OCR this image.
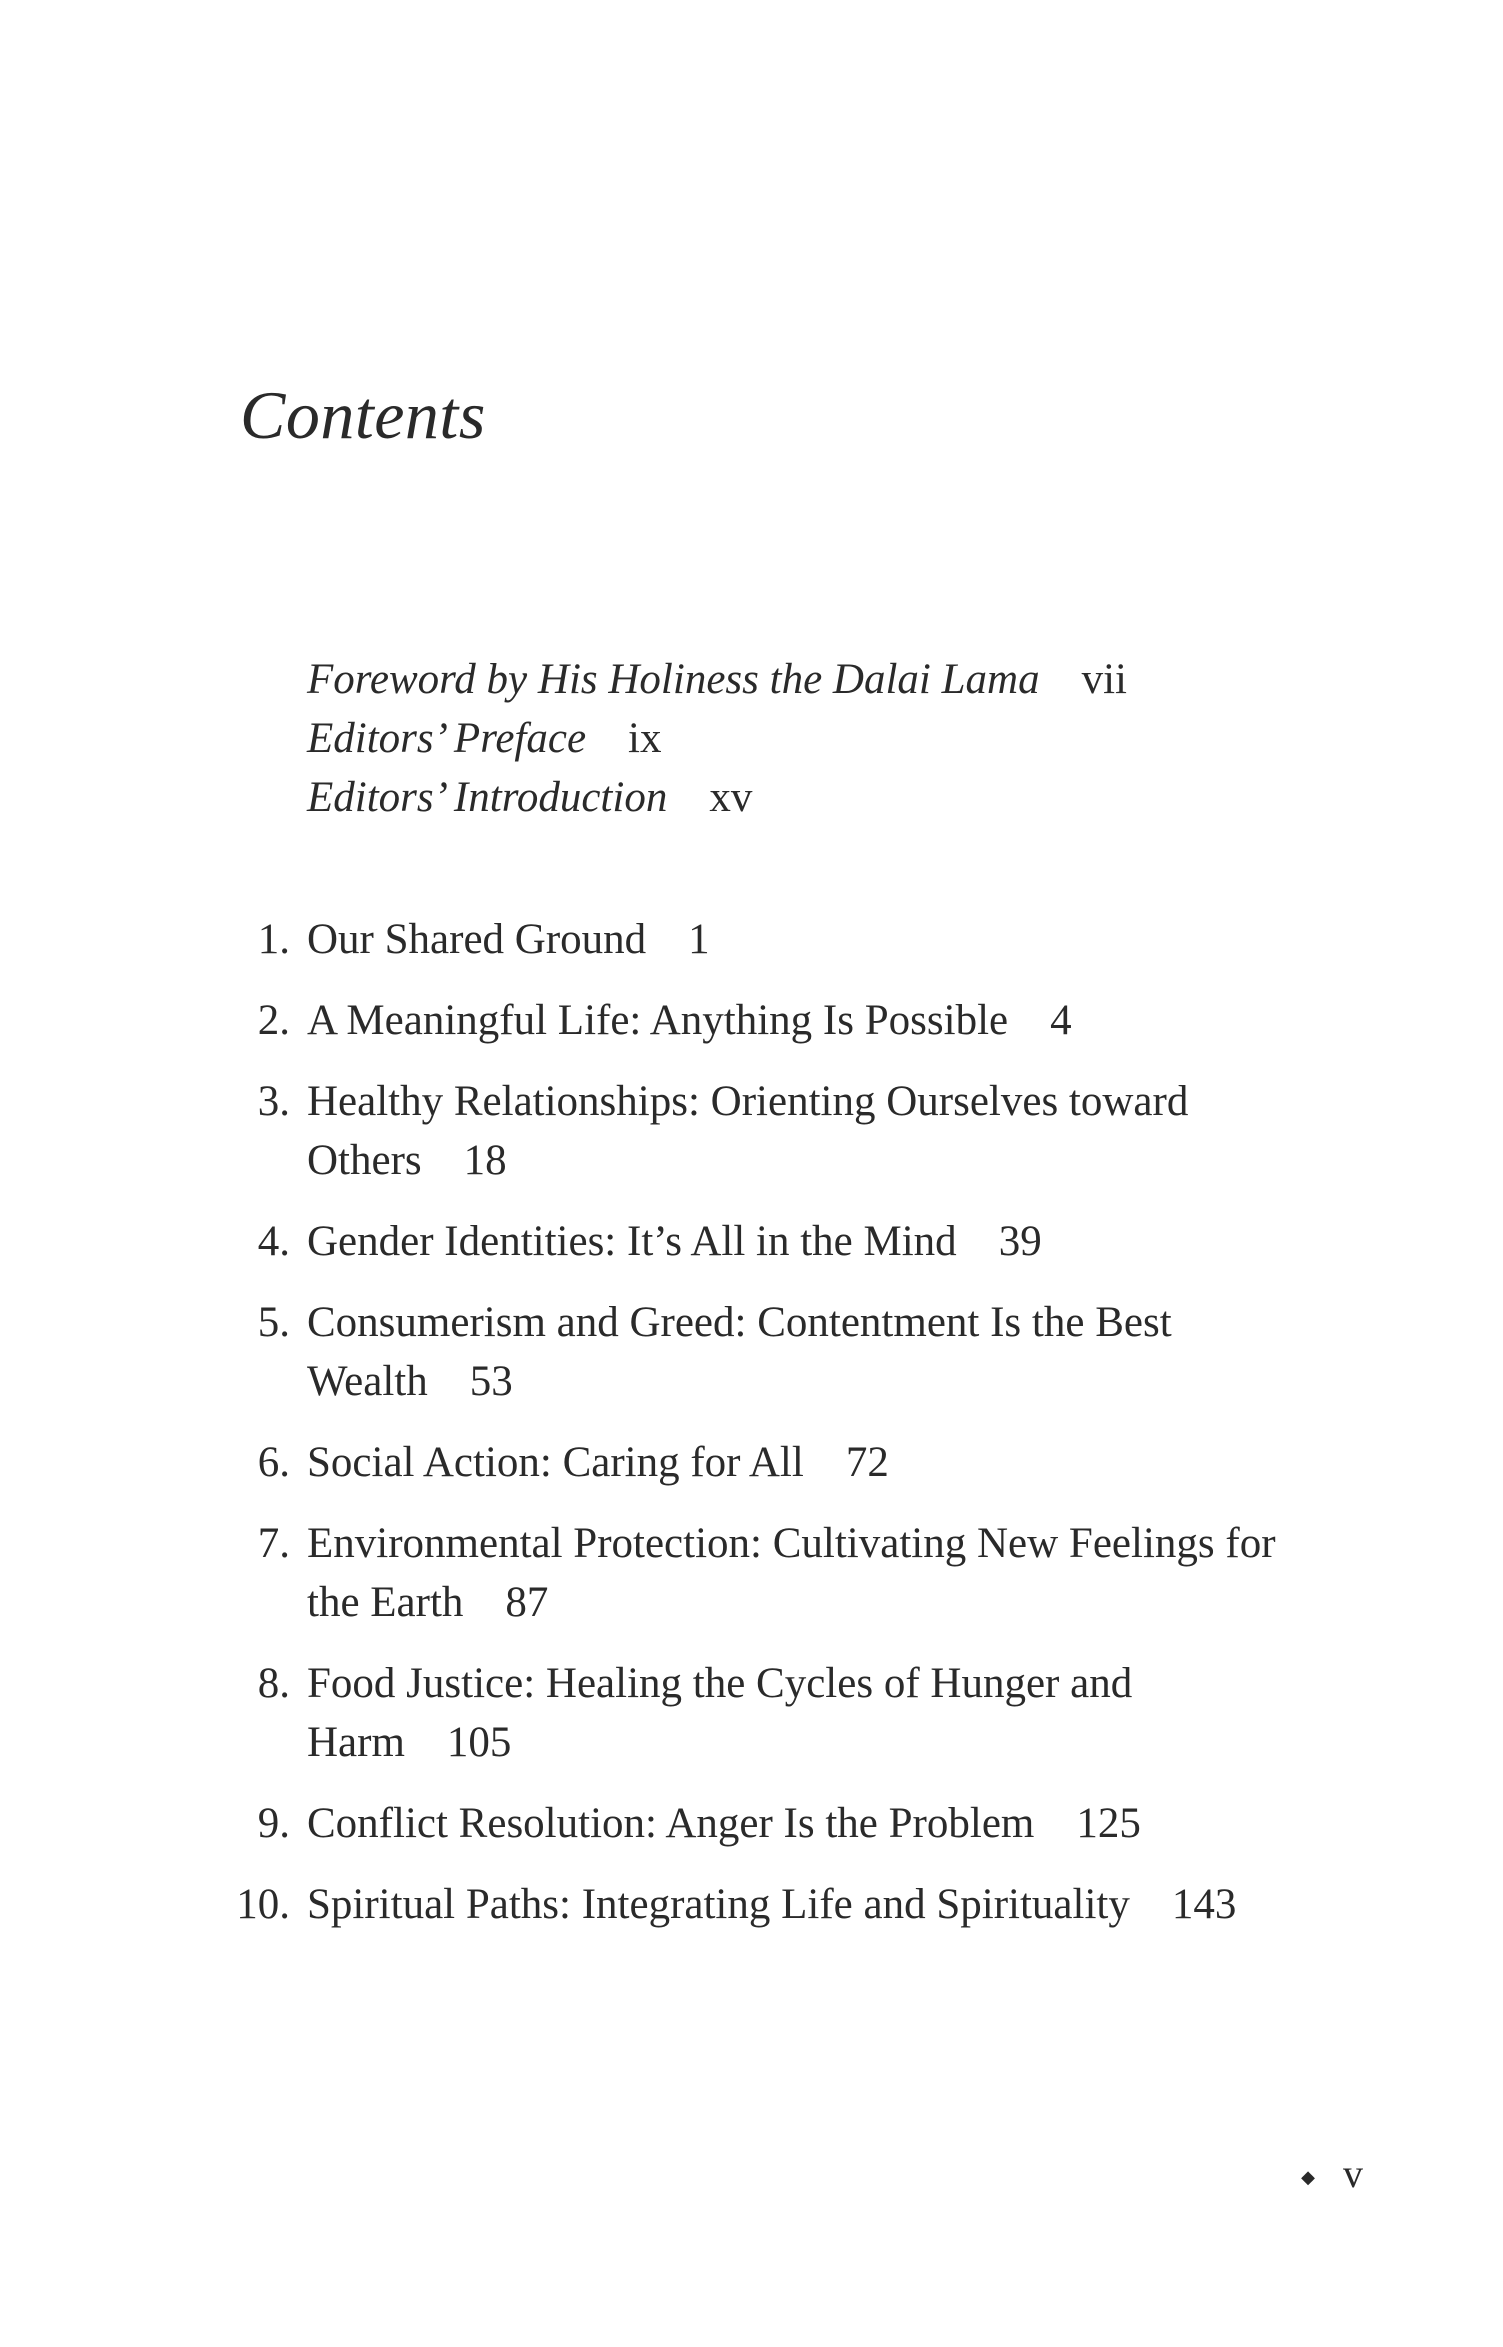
Contents
Foreword by His Holiness the Dalai Lama vii
Editors’ Preface ix
Editors’ Introduction xv
1. Our Shared Ground 1
2. A Meaningful Life: Anything Is Possible 4
3. Healthy Relationships: Orienting Ourselves toward Others 18
4. Gender Identities: It’s All in the Mind 39
5. Consumerism and Greed: Contentment Is the Best Wealth 53
6. Social Action: Caring for All 72
7. Environmental Protection: Cultivating New Feelings for the Earth 87
8. Food Justice: Healing the Cycles of Hunger and Harm 105
9. Conflict Resolution: Anger Is the Problem 125
10. Spiritual Paths: Integrating Life and Spirituality 143
◆ v
